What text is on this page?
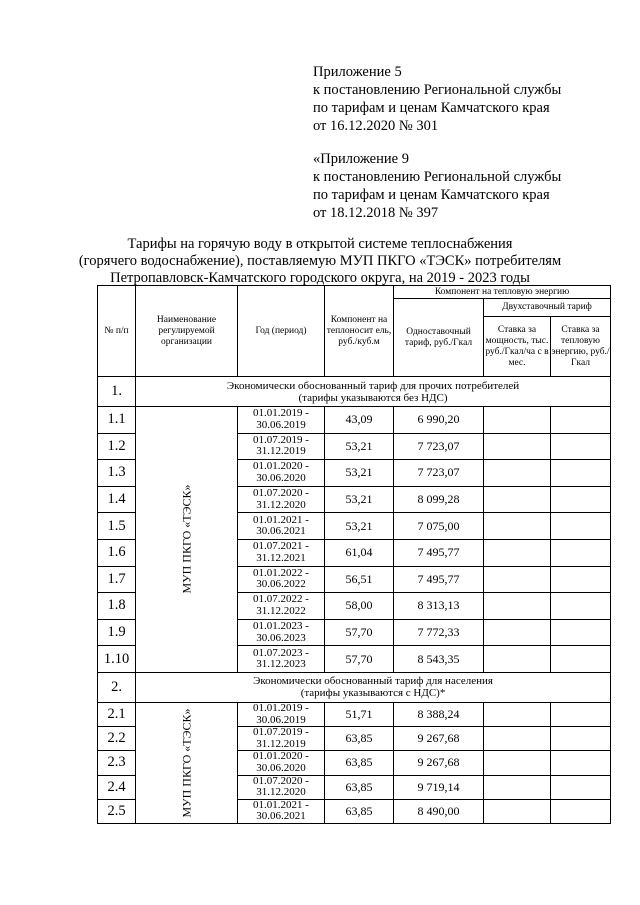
Приложение 5
к постановлению Региональной службы
по тарифам и ценам Камчатского края
от 16.12.2020 № 301
«Приложение 9
к постановлению Региональной службы
по тарифам и ценам Камчатского края
от 18.12.2018 № 397
Тарифы на горячую воду в открытой системе теплоснабжения
(горячего водоснабжение), поставляемую МУП ПКГО «ТЭСК» потребителям
Петропавловск-Камчатского городского округа, на 2019 - 2023 годы
№ п/п	Наименование регулируемой организации	Год (период)	Компонент на теплоносит ель, руб./куб.м	Компонент на тепловую энергию		
				Одноставочный тариф, руб./Гкал	Двухставочный тариф	
					Ставка за мощность, тыс. руб./Гкал/ча с в мес.	Ставка за тепловую энергию, руб./Гкал
1.	Экономически обоснованный тариф для прочих потребителей
(тарифы указываются без НДС)					

1.1	МУП ПКГО «ТЭСК»	01.01.2019 -
30.06.2019	43,09	6 990,20		
1.2		01.07.2019 -
31.12.2019	53,21	7 723,07		
1.3		01.01.2020 -
30.06.2020	53,21	7 723,07		
1.4		01.07.2020 -
31.12.2020	53,21	8 099,28		
1.5		01.01.2021 -
30.06.2021	53,21	7 075,00		
1.6		01.07.2021 -
31.12.2021	61,04	7 495,77		
1.7		01.01.2022 -
30.06.2022	56,51	7 495,77		
1.8		01.07.2022 -
31.12.2022	58,00	8 313,13		
1.9		01.01.2023 -
30.06.2023	57,70	7 772,33		
1.10		01.07.2023 -
31.12.2023	57,70	8 543,35		
2.	Экономически обоснованный тариф для населения
(тарифы указываются с НДС)*					

2.1	МУП ПКГО «ТЭСК»	01.01.2019 -
30.06.2019	51,71	8 388,24		
2.2		01.07.2019 -
31.12.2019	63,85	9 267,68		
2.3		01.01.2020 -
30.06.2020	63,85	9 267,68		
2.4		01.07.2020 -
31.12.2020	63,85	9 719,14		
2.5		01.01.2021 -
30.06.2021	63,85	8 490,00		
